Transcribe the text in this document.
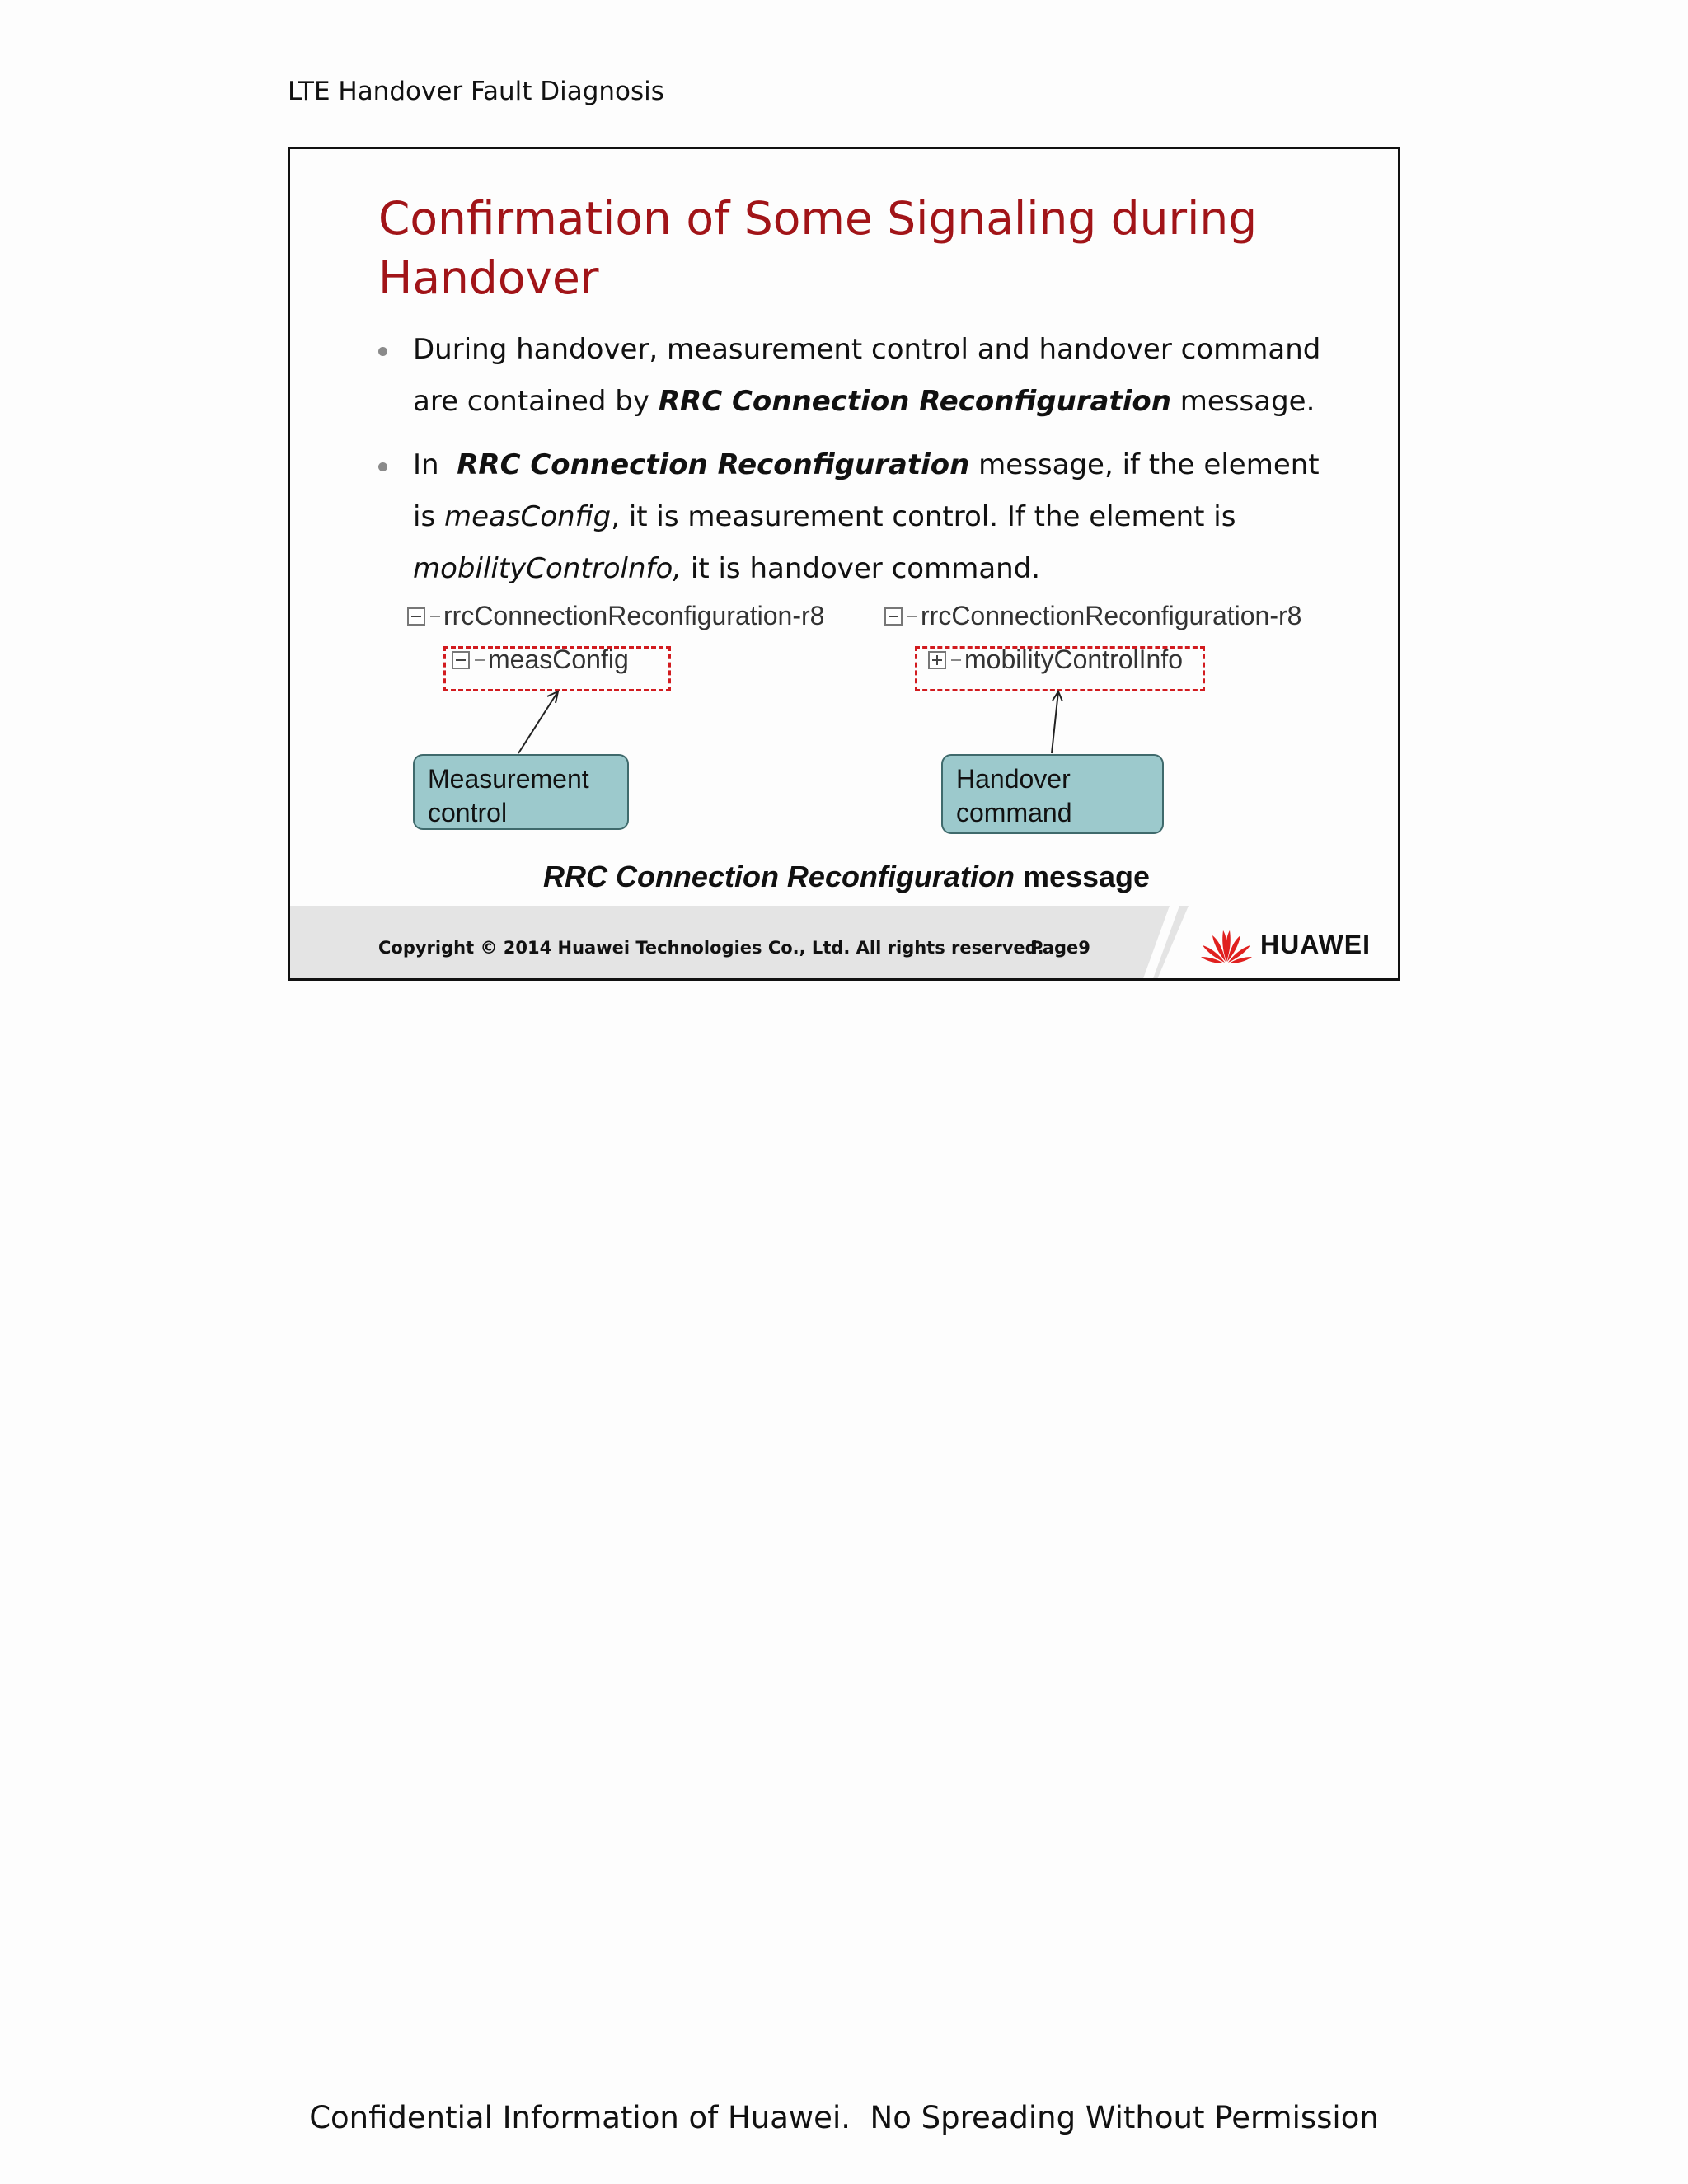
LTE Handover Fault Diagnosis
Confirmation of Some Signaling during Handover
During handover, measurement control and handover command are contained by RRC Connection Reconfiguration message.
In  RRC Connection Reconfiguration message, if the element is measConfig, it is measurement control. If the element is mobilityControlnfo, it is handover command.
rrcConnectionReconfiguration-r8
measConfig
rrcConnectionReconfiguration-r8
mobilityControlInfo
Measurement
control
Handover
command
RRC Connection Reconfiguration message
Copyright © 2014 Huawei Technologies Co., Ltd. All rights reserved.
Page9	HUAWEI
Confidential Information of Huawei.  No Spreading Without Permission
